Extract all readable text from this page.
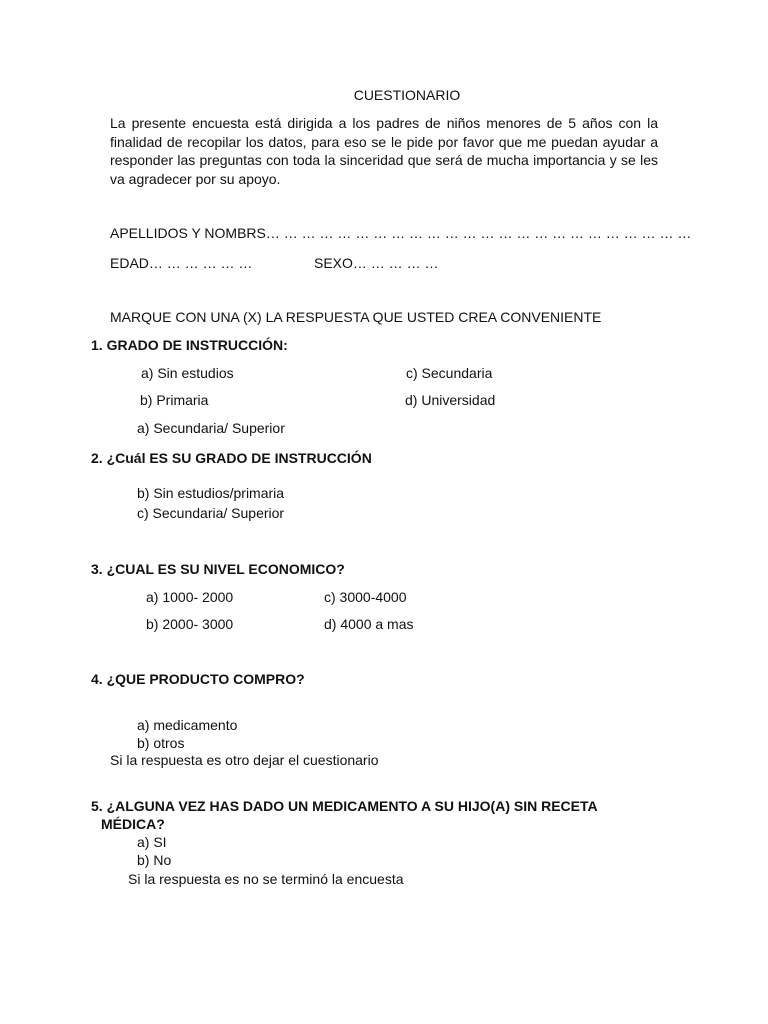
CUESTIONARIO
La presente encuesta está dirigida a los padres de niños menores de 5 años con la finalidad de recopilar los datos, para eso se le pide por favor que me puedan ayudar a responder las preguntas con toda la sinceridad que será de mucha importancia y se les va agradecer por su apoyo.
APELLIDOS Y NOMBRS… … … … … … … … … … … … … … … … … … … … … … … …
EDAD… … … … … …	SEXO… … … … …
MARQUE CON UNA (X) LA RESPUESTA QUE USTED CREA CONVENIENTE
1. GRADO DE INSTRUCCIÓN:
a) Sin estudios	c) Secundaria
b) Primaria	d) Universidad
a) Secundaria/ Superior
2. ¿Cuál ES SU GRADO DE INSTRUCCIÓN
b) Sin estudios/primaria
c) Secundaria/ Superior
3. ¿CUAL ES SU NIVEL ECONOMICO?
a) 1000- 2000	c) 3000-4000
b) 2000- 3000	d) 4000 a mas
4. ¿QUE PRODUCTO COMPRO?
a) medicamento
b) otros
Si la respuesta es otro dejar el cuestionario
5. ¿ALGUNA VEZ HAS DADO UN MEDICAMENTO A SU HIJO(A) SIN RECETA
MÉDICA?
a) SI
b) No
Si la respuesta es no se terminó la encuesta
